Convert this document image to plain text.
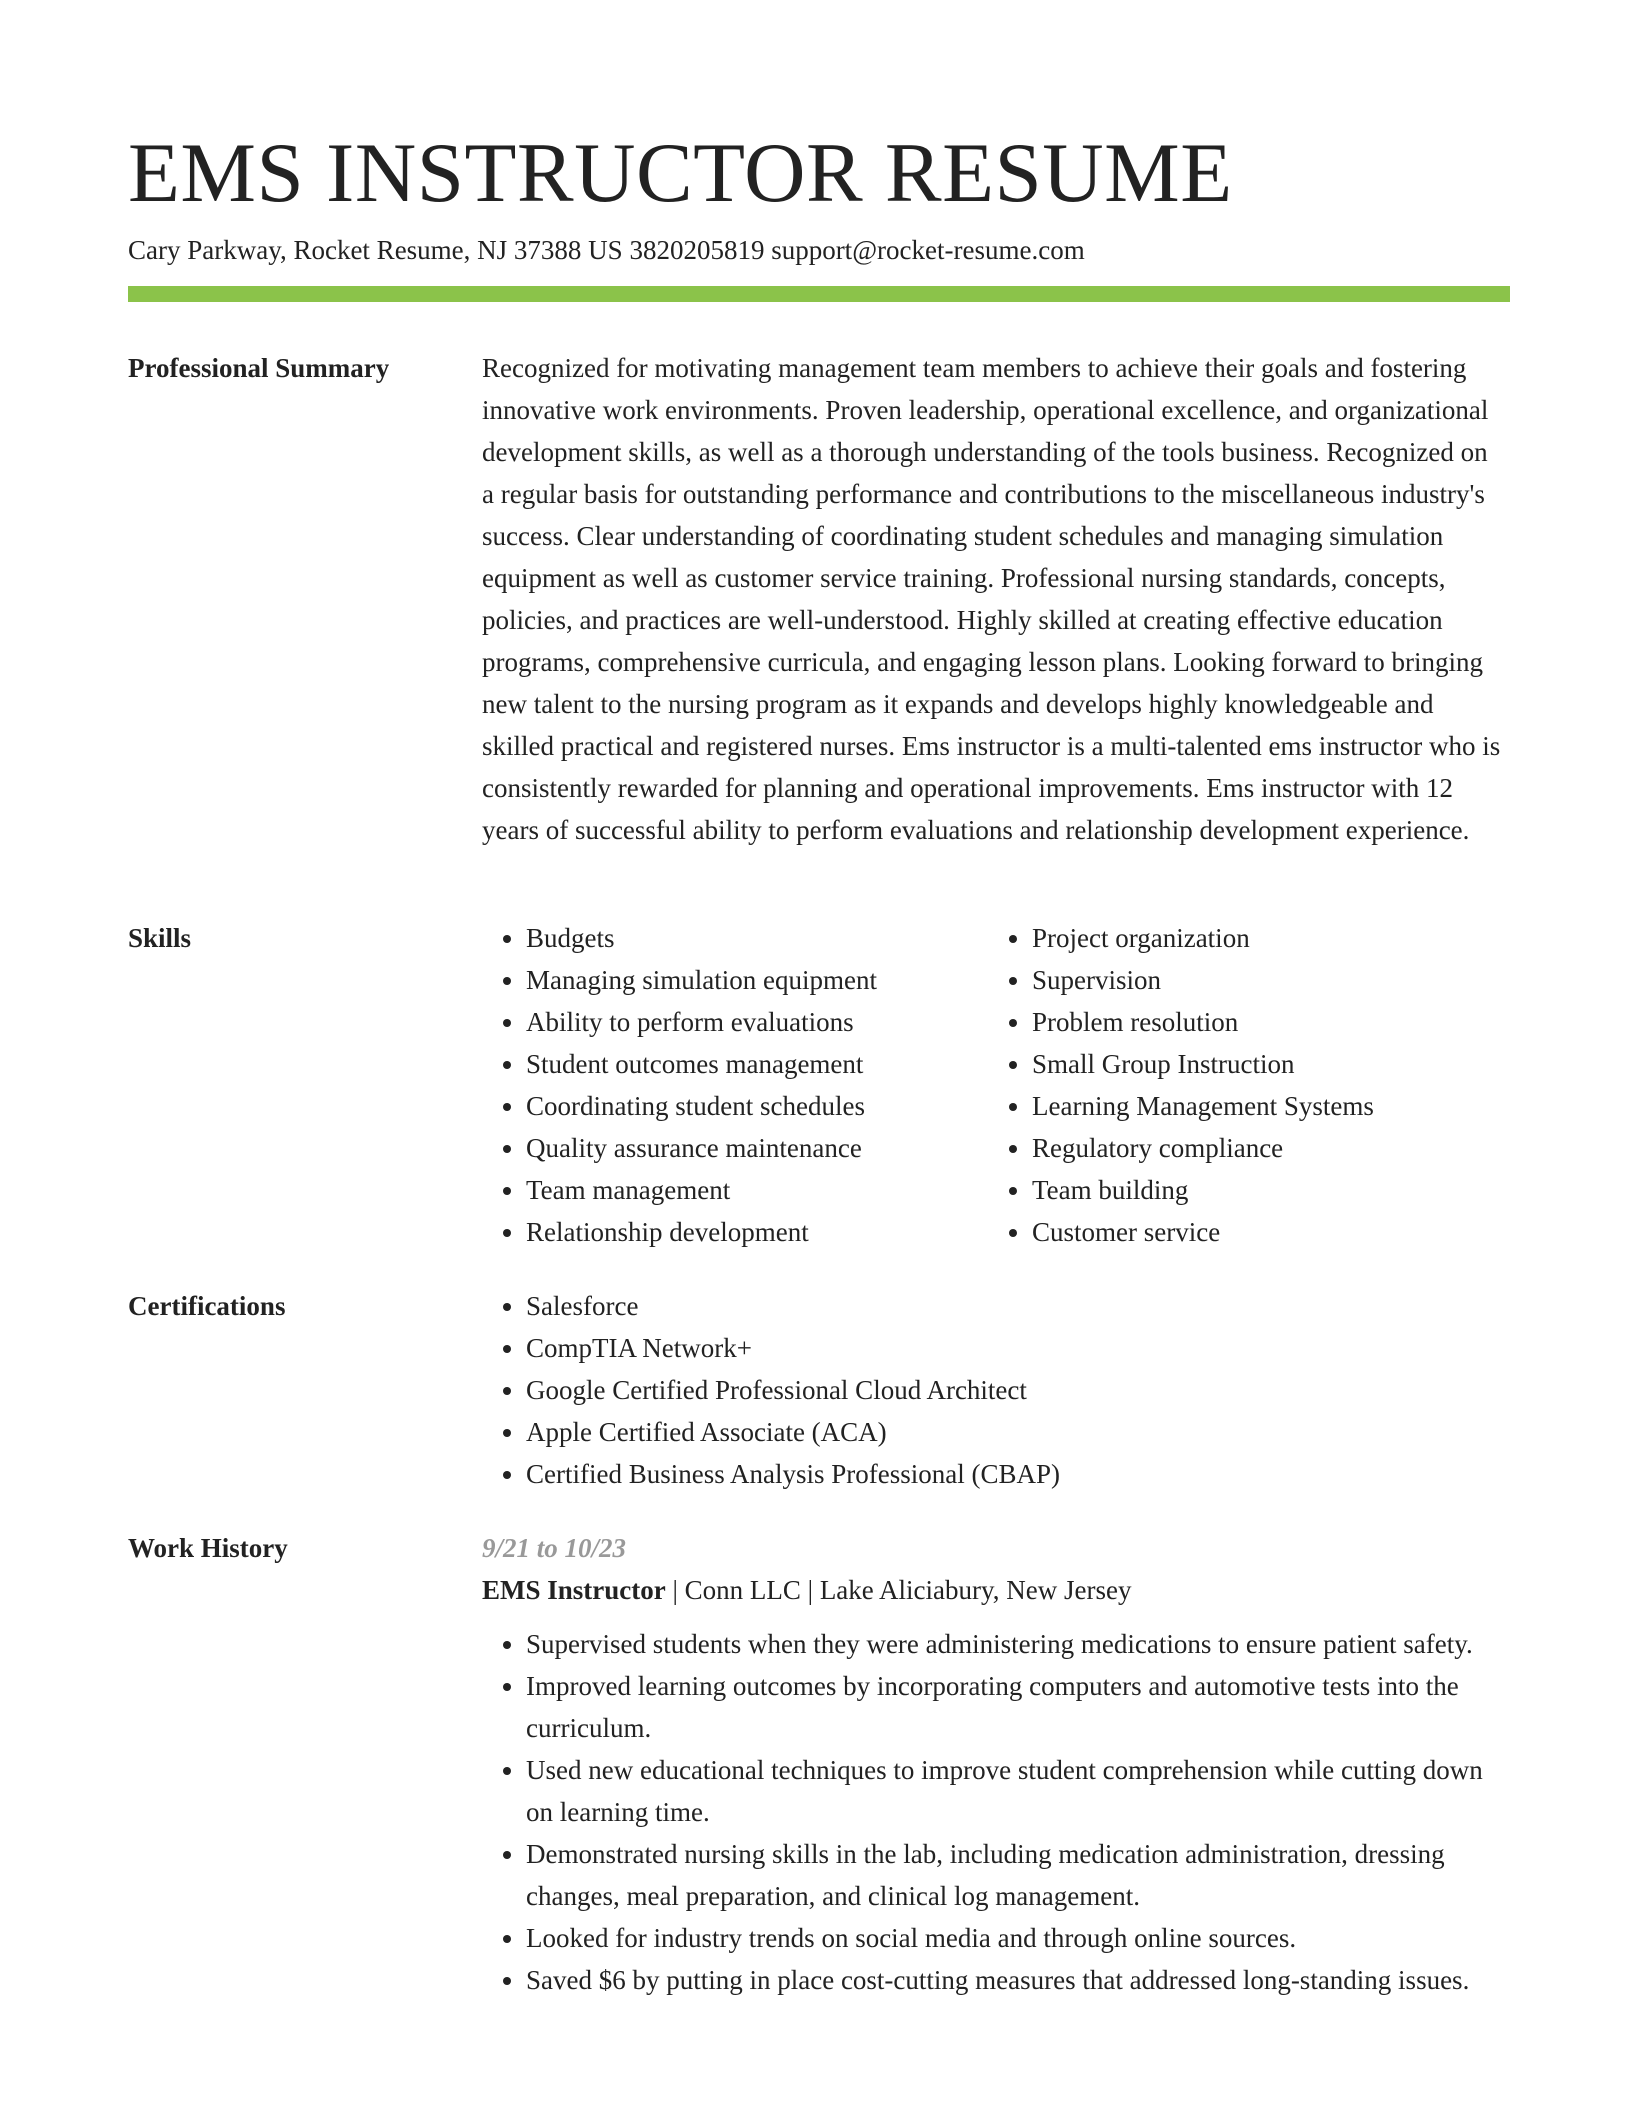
EMS INSTRUCTOR RESUME
Cary Parkway, Rocket Resume, NJ 37388 US 3820205819 support@rocket-resume.com
Professional Summary	Recognized for motivating management team members to achieve their goals and fostering innovative work environments. Proven leadership, operational excellence, and organizational development skills, as well as a thorough understanding of the tools business. Recognized on a regular basis for outstanding performance and contributions to the miscellaneous industry's success. Clear understanding of coordinating student schedules and managing simulation equipment as well as customer service training. Professional nursing standards, concepts, policies, and practices are well-understood. Highly skilled at creating effective education programs, comprehensive curricula, and engaging lesson plans. Looking forward to bringing new talent to the nursing program as it expands and develops highly knowledgeable and skilled practical and registered nurses. Ems instructor is a multi-talented ems instructor who is consistently rewarded for planning and operational improvements. Ems instructor with 12 years of successful ability to perform evaluations and relationship development experience.

Skills	• Budgets
• Managing simulation equipment
• Ability to perform evaluations
• Student outcomes management
• Coordinating student schedules
• Quality assurance maintenance
• Team management
• Relationship development
• Project organization
• Supervision
• Problem resolution
• Small Group Instruction
• Learning Management Systems
• Regulatory compliance
• Team building
• Customer service
Certifications	• Salesforce
• CompTIA Network+
• Google Certified Professional Cloud Architect
• Apple Certified Associate (ACA)
• Certified Business Analysis Professional (CBAP)
Work History	9/21 to 10/23
EMS Instructor | Conn LLC | Lake Aliciabury, New Jersey
• Supervised students when they were administering medications to ensure patient safety.
• Improved learning outcomes by incorporating computers and automotive tests into the curriculum.
• Used new educational techniques to improve student comprehension while cutting down on learning time.
• Demonstrated nursing skills in the lab, including medication administration, dressing changes, meal preparation, and clinical log management.
• Looked for industry trends on social media and through online sources.
• Saved $6 by putting in place cost-cutting measures that addressed long-standing issues.
